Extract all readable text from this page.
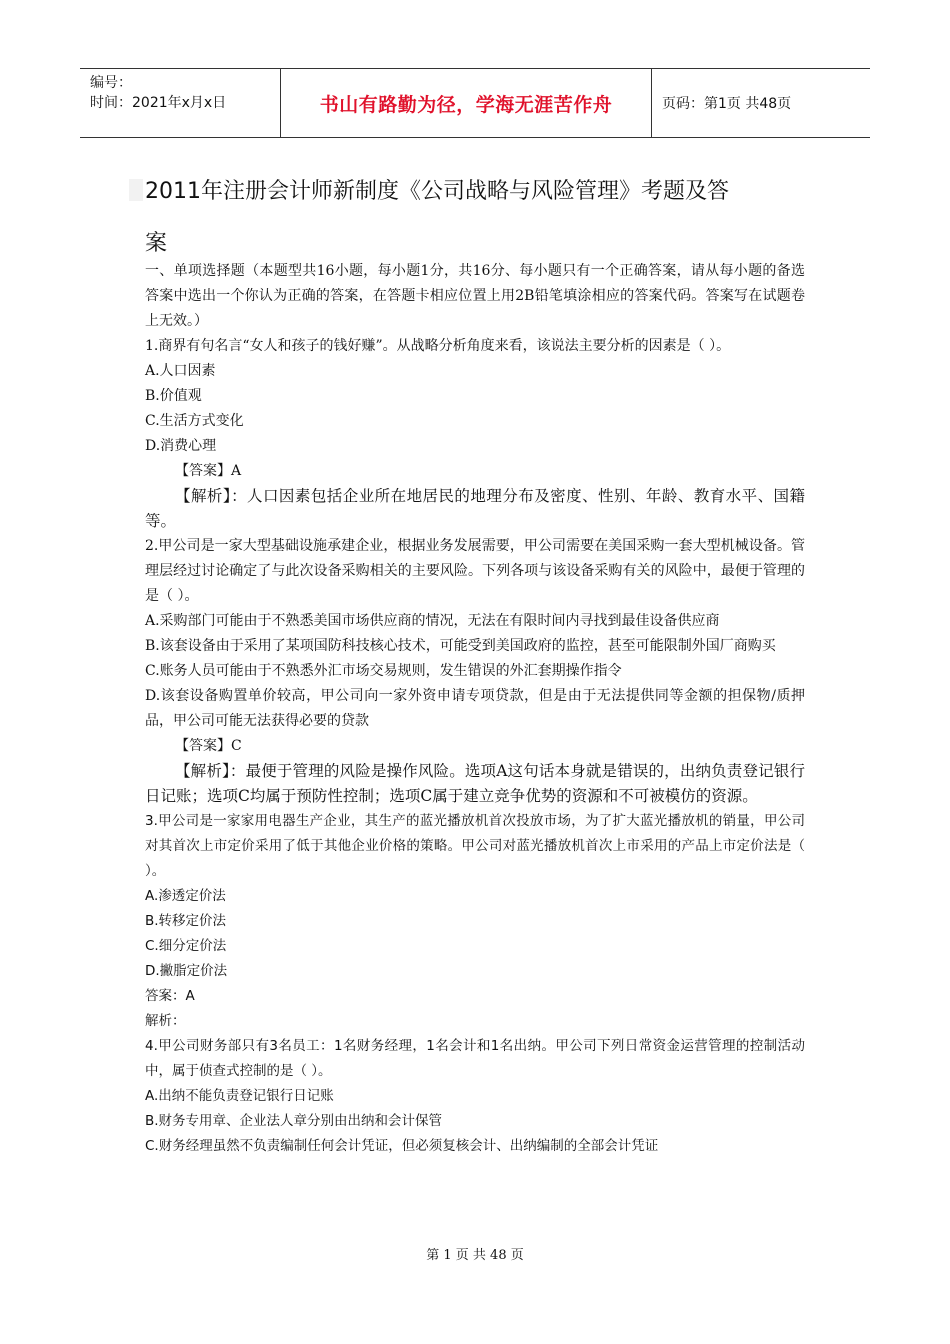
编号：
时间：2021年x月x日	书山有路勤为径，学海无涯苦作舟	页码：第1页 共48页
2011年注册会计师新制度《公司战略与风险管理》考题及答
案

一、单项选择题（本题型共16小题，每小题1分，共16分、每小题只有一个正确答案，请从每小题的备选答案中选出一个你认为正确的答案，在答题卡相应位置上用2B铅笔填涂相应的答案代码。答案写在试题卷上无效。）

1.商界有句名言“女人和孩子的钱好赚”。从战略分析角度来看，该说法主要分析的因素是（ ）。

A.人口因素

B.价值观

C.生活方式变化

D.消费心理

【答案】A

【解析】：人口因素包括企业所在地居民的地理分布及密度、性别、年龄、教育水平、国籍等。

2.甲公司是一家大型基础设施承建企业，根据业务发展需要，甲公司需要在美国采购一套大型机械设备。管理层经过讨论确定了与此次设备采购相关的主要风险。下列各项与该设备采购有关的风险中，最便于管理的是（ ）。

A.采购部门可能由于不熟悉美国市场供应商的情况，无法在有限时间内寻找到最佳设备供应商

B.该套设备由于采用了某项国防科技核心技术，可能受到美国政府的监控，甚至可能限制外国厂商购买

C.账务人员可能由于不熟悉外汇市场交易规则，发生错误的外汇套期操作指令

D.该套设备购置单价较高，甲公司向一家外资申请专项贷款，但是由于无法提供同等金额的担保物/质押品，甲公司可能无法获得必要的贷款

【答案】C

【解析】：最便于管理的风险是操作风险。选项A这句话本身就是错误的，出纳负责登记银行日记账；选项C均属于预防性控制；选项C属于建立竞争优势的资源和不可被模仿的资源。

3.甲公司是一家家用电器生产企业，其生产的蓝光播放机首次投放市场，为了扩大蓝光播放机的销量，甲公司对其首次上市定价采用了低于其他企业价格的策略。甲公司对蓝光播放机首次上市采用的产品上市定价法是（ ）。

A.渗透定价法

B.转移定价法

C.细分定价法

D.撇脂定价法

答案：A

解析：

4.甲公司财务部只有3名员工：1名财务经理，1名会计和1名出纳。甲公司下列日常资金运营管理的控制活动中，属于侦查式控制的是（ ）。

A.出纳不能负责登记银行日记账

B.财务专用章、企业法人章分别由出纳和会计保管

C.财务经理虽然不负责编制任何会计凭证，但必须复核会计、出纳编制的全部会计凭证

第 1 页 共 48 页
